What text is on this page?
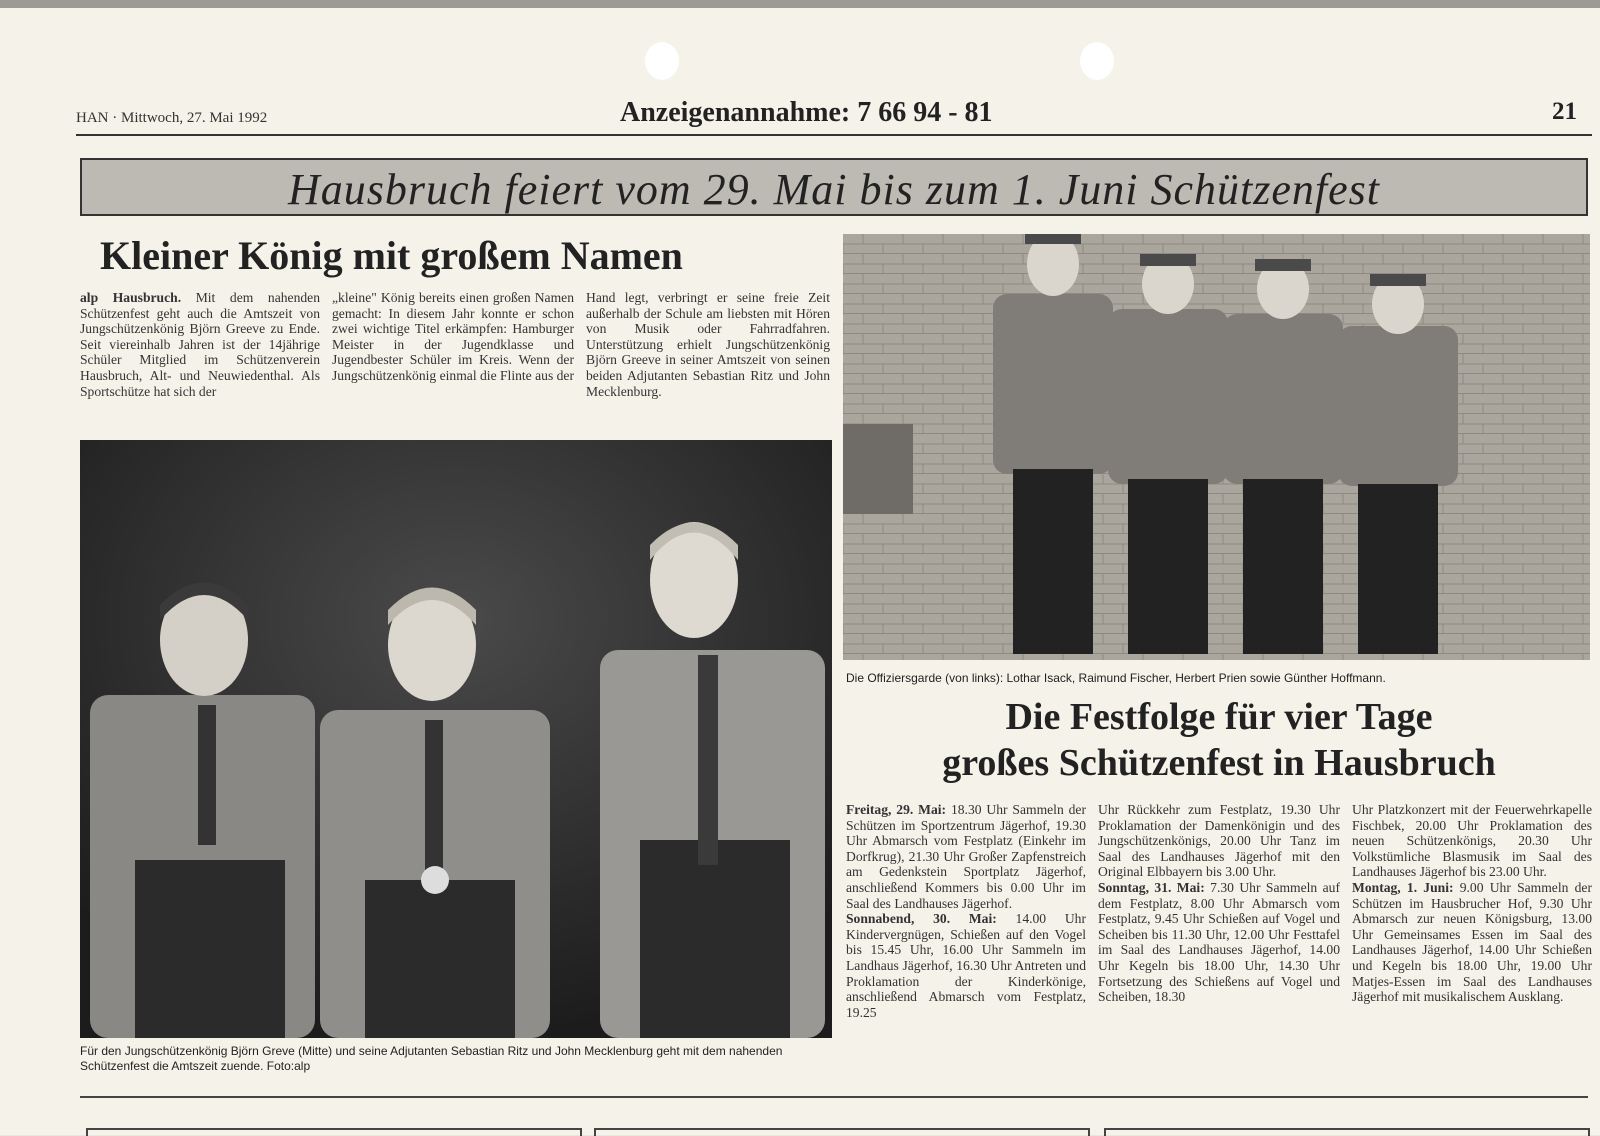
HAN · Mittwoch, 27. Mai 1992	Anzeigenannahme: 7 66 94 - 81	21
Hausbruch feiert vom 29. Mai bis zum 1. Juni Schützenfest
Kleiner König mit großem Namen
alp Hausbruch. Mit dem nahenden Schützenfest geht auch die Amtszeit von Jungschützenkönig Björn Greeve zu Ende. Seit viereinhalb Jahren ist der 14jährige Schüler Mitglied im Schützenverein Hausbruch, Alt- und Neuwiedenthal. Als Sportschütze hat sich der
„kleine" König bereits einen großen Namen gemacht: In diesem Jahr konnte er schon zwei wichtige Titel erkämpfen: Hamburger Meister in der Jugendklasse und Jugendbester Schüler im Kreis. Wenn der Jungschützenkönig einmal die Flinte aus der
Hand legt, verbringt er seine freie Zeit außerhalb der Schule am liebsten mit Hören von Musik oder Fahrradfahren. Unterstützung erhielt Jungschützenkönig Björn Greeve in seiner Amtszeit von seinen beiden Adjutanten Sebastian Ritz und John Mecklenburg.
Für den Jungschützenkönig Björn Greve (Mitte) und seine Adjutanten Sebastian Ritz und John Mecklenburg geht mit dem nahenden Schützenfest die Amtszeit zuende. Foto:alp
Die Offiziersgarde (von links): Lothar Isack, Raimund Fischer, Herbert Prien sowie Günther Hoffmann.
Die Festfolge für vier Tage
großes Schützenfest in Hausbruch
Freitag, 29. Mai: 18.30 Uhr Sammeln der Schützen im Sportzentrum Jägerhof, 19.30 Uhr Abmarsch vom Festplatz (Einkehr im Dorfkrug), 21.30 Uhr Großer Zapfenstreich am Gedenkstein Sportplatz Jägerhof, anschließend Kommers bis 0.00 Uhr im Saal des Landhauses Jägerhof.
Sonnabend, 30. Mai: 14.00 Uhr Kindervergnügen, Schießen auf den Vogel bis 15.45 Uhr, 16.00 Uhr Sammeln im Landhaus Jägerhof, 16.30 Uhr Antreten und Proklamation der Kinderkönige, anschließend Abmarsch vom Festplatz, 19.25
Uhr Rückkehr zum Festplatz, 19.30 Uhr Proklamation der Damenkönigin und des Jungschützenkönigs, 20.00 Uhr Tanz im Saal des Landhauses Jägerhof mit den Original Elbbayern bis 3.00 Uhr.
Sonntag, 31. Mai: 7.30 Uhr Sammeln auf dem Festplatz, 8.00 Uhr Abmarsch vom Festplatz, 9.45 Uhr Schießen auf Vogel und Scheiben bis 11.30 Uhr, 12.00 Uhr Festtafel im Saal des Landhauses Jägerhof, 14.00 Uhr Kegeln bis 18.00 Uhr, 14.30 Uhr Fortsetzung des Schießens auf Vogel und Scheiben, 18.30
Uhr Platzkonzert mit der Feuerwehrkapelle Fischbek, 20.00 Uhr Proklamation des neuen Schützenkönigs, 20.30 Uhr Volkstümliche Blasmusik im Saal des Landhauses Jägerhof bis 23.00 Uhr.
Montag, 1. Juni: 9.00 Uhr Sammeln der Schützen im Hausbrucher Hof, 9.30 Uhr Abmarsch zur neuen Königsburg, 13.00 Uhr Gemeinsames Essen im Saal des Landhauses Jägerhof, 14.00 Uhr Schießen und Kegeln bis 18.00 Uhr, 19.00 Uhr Matjes-Essen im Saal des Landhauses Jägerhof mit musikalischem Ausklang.
